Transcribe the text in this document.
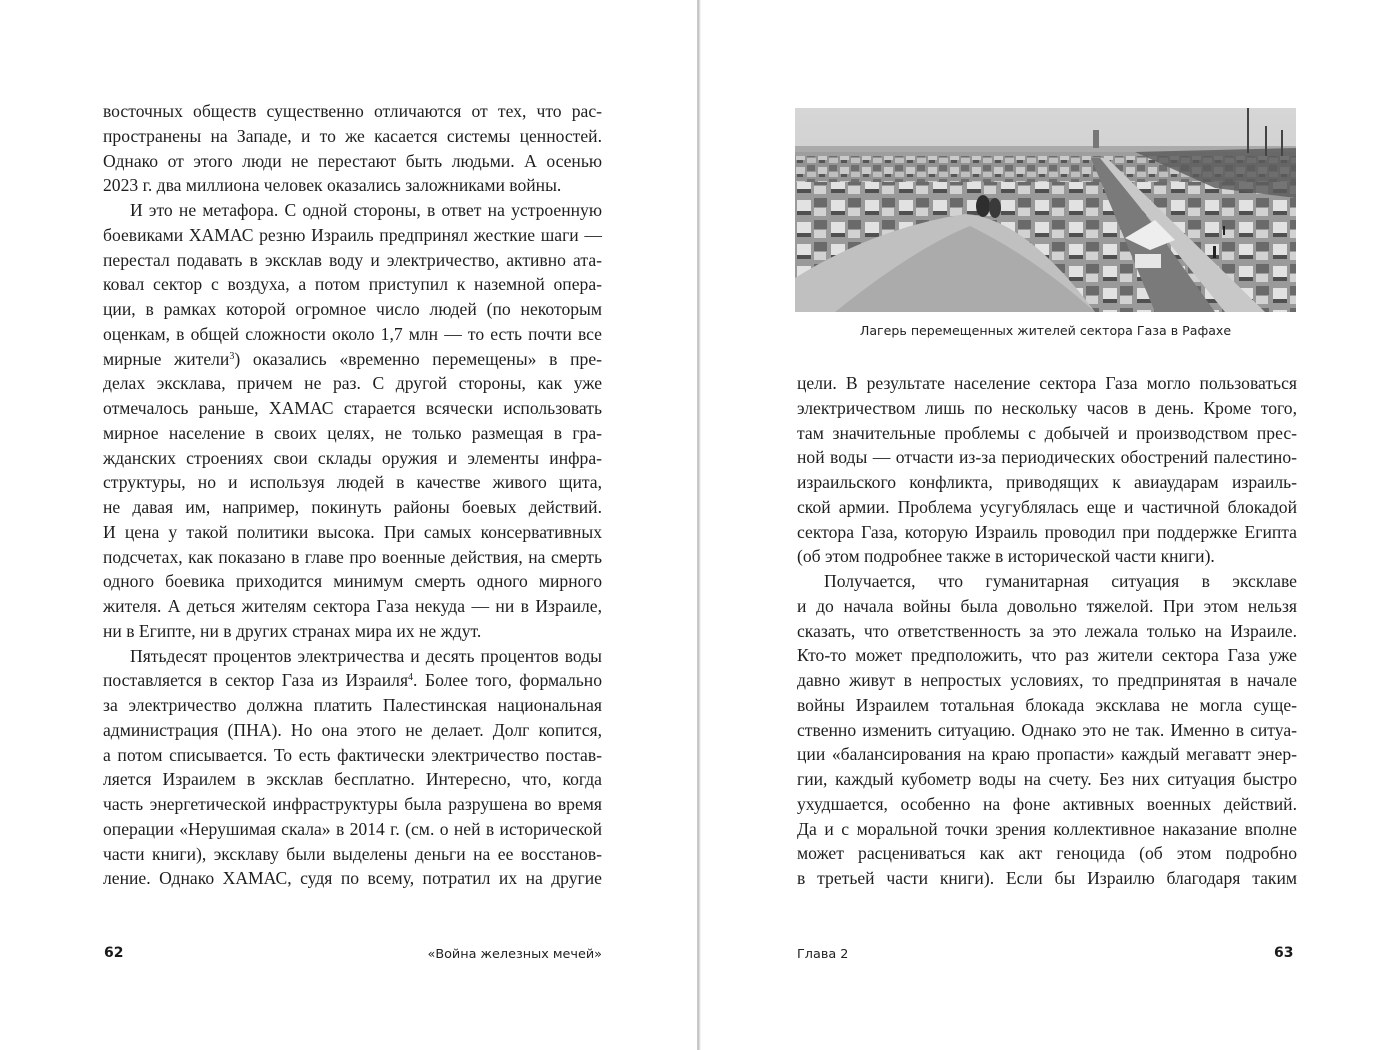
восточных обществ существенно отличаются от тех, что рас-
пространены на Западе, и то же касается системы ценностей.
Однако от этого люди не перестают быть людьми. А осенью
2023 г. два миллиона человек оказались заложниками войны.
И это не метафора. С одной стороны, в ответ на устроенную
боевиками ХАМАС резню Израиль предпринял жесткие шаги —
перестал подавать в эксклав воду и электричество, активно ата-
ковал сектор с воздуха, а потом приступил к наземной опера-
ции, в рамках которой огромное число людей (по некоторым
оценкам, в общей сложности около 1,7 млн — то есть почти все
мирные жители$^3$) оказались «временно перемещены» в пре-
делах эксклава, причем не раз. С другой стороны, как уже
отмечалось раньше, ХАМАС старается всячески использовать
мирное население в своих целях, не только размещая в гра-
жданских строениях свои склады оружия и элементы инфра-
структуры, но и используя людей в качестве живого щита,
не давая им, например, покинуть районы боевых действий.
И цена у такой политики высока. При самых консервативных
подсчетах, как показано в главе про военные действия, на смерть
одного боевика приходится минимум смерть одного мирного
жителя. А деться жителям сектора Газа некуда — ни в Израиле,
ни в Египте, ни в других странах мира их не ждут.
Пятьдесят процентов электричества и десять процентов воды
поставляется в сектор Газа из Израиля$^4$. Более того, формально
за электричество должна платить Палестинская национальная
администрация (ПНА). Но она этого не делает. Долг копится,
а потом списывается. То есть фактически электричество постав-
ляется Израилем в эксклав бесплатно. Интересно, что, когда
часть энергетической инфраструктуры была разрушена во время
операции «Нерушимая скала» в 2014 г. (см. о ней в исторической
части книги), эксклаву были выделены деньги на ее восстанов-
ление. Однако ХАМАС, судя по всему, потратил их на другие
62	«Война железных мечей»
Лагерь перемещенных жителей сектора Газа в Рафахе
цели. В результате население сектора Газа могло пользоваться
электричеством лишь по нескольку часов в день. Кроме того,
там значительные проблемы с добычей и производством прес-
ной воды — отчасти из-за периодических обострений палестино-
израильского конфликта, приводящих к авиаударам израиль-
ской армии. Проблема усугублялась еще и частичной блокадой
сектора Газа, которую Израиль проводил при поддержке Египта
(об этом подробнее также в исторической части книги).
Получается, что гуманитарная ситуация в эксклаве
и до начала войны была довольно тяжелой. При этом нельзя
сказать, что ответственность за это лежала только на Израиле.
Кто-то может предположить, что раз жители сектора Газа уже
давно живут в непростых условиях, то предпринятая в начале
войны Израилем тотальная блокада эксклава не могла суще-
ственно изменить ситуацию. Однако это не так. Именно в ситуа-
ции «балансирования на краю пропасти» каждый мегаватт энер-
гии, каждый кубометр воды на счету. Без них ситуация быстро
ухудшается, особенно на фоне активных военных действий.
Да и с моральной точки зрения коллективное наказание вполне
может расцениваться как акт геноцида (об этом подробно
в третьей части книги). Если бы Израилю благодаря таким
Глава 2	63
